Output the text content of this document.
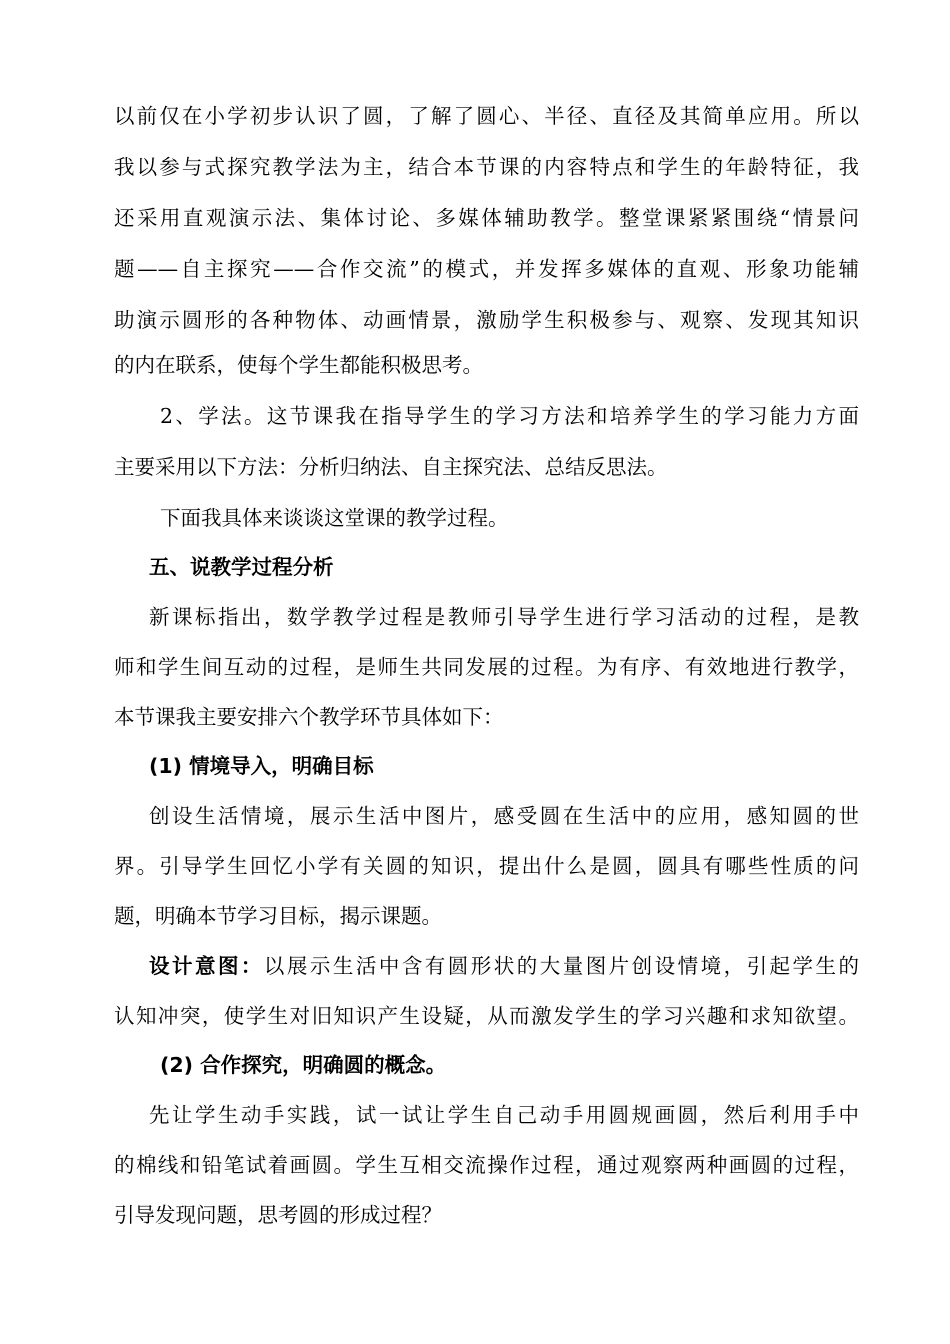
以前仅在小学初步认识了圆，了解了圆心、半径、直径及其简单应用。所以
我以参与式探究教学法为主，结合本节课的内容特点和学生的年龄特征，我
还采用直观演示法、集体讨论、多媒体辅助教学。整堂课紧紧围绕“情景问
题——自主探究——合作交流”的模式，并发挥多媒体的直观、形象功能辅
助演示圆形的各种物体、动画情景，激励学生积极参与、观察、发现其知识
的内在联系，使每个学生都能积极思考。
2、学法。这节课我在指导学生的学习方法和培养学生的学习能力方面
主要采用以下方法：分析归纳法、自主探究法、总结反思法。
下面我具体来谈谈这堂课的教学过程。
五、说教学过程分析
新课标指出，数学教学过程是教师引导学生进行学习活动的过程，是教
师和学生间互动的过程，是师生共同发展的过程。为有序、有效地进行教学，
本节课我主要安排六个教学环节具体如下：
(1) 情境导入，明确目标
创设生活情境，展示生活中图片，感受圆在生活中的应用，感知圆的世
界。引导学生回忆小学有关圆的知识，提出什么是圆，圆具有哪些性质的问
题，明确本节学习目标，揭示课题。
设计意图：以展示生活中含有圆形状的大量图片创设情境，引起学生的
认知冲突，使学生对旧知识产生设疑，从而激发学生的学习兴趣和求知欲望。
(2) 合作探究，明确圆的概念。
先让学生动手实践，试一试让学生自己动手用圆规画圆，然后利用手中
的棉线和铅笔试着画圆。学生互相交流操作过程，通过观察两种画圆的过程，
引导发现问题，思考圆的形成过程？
